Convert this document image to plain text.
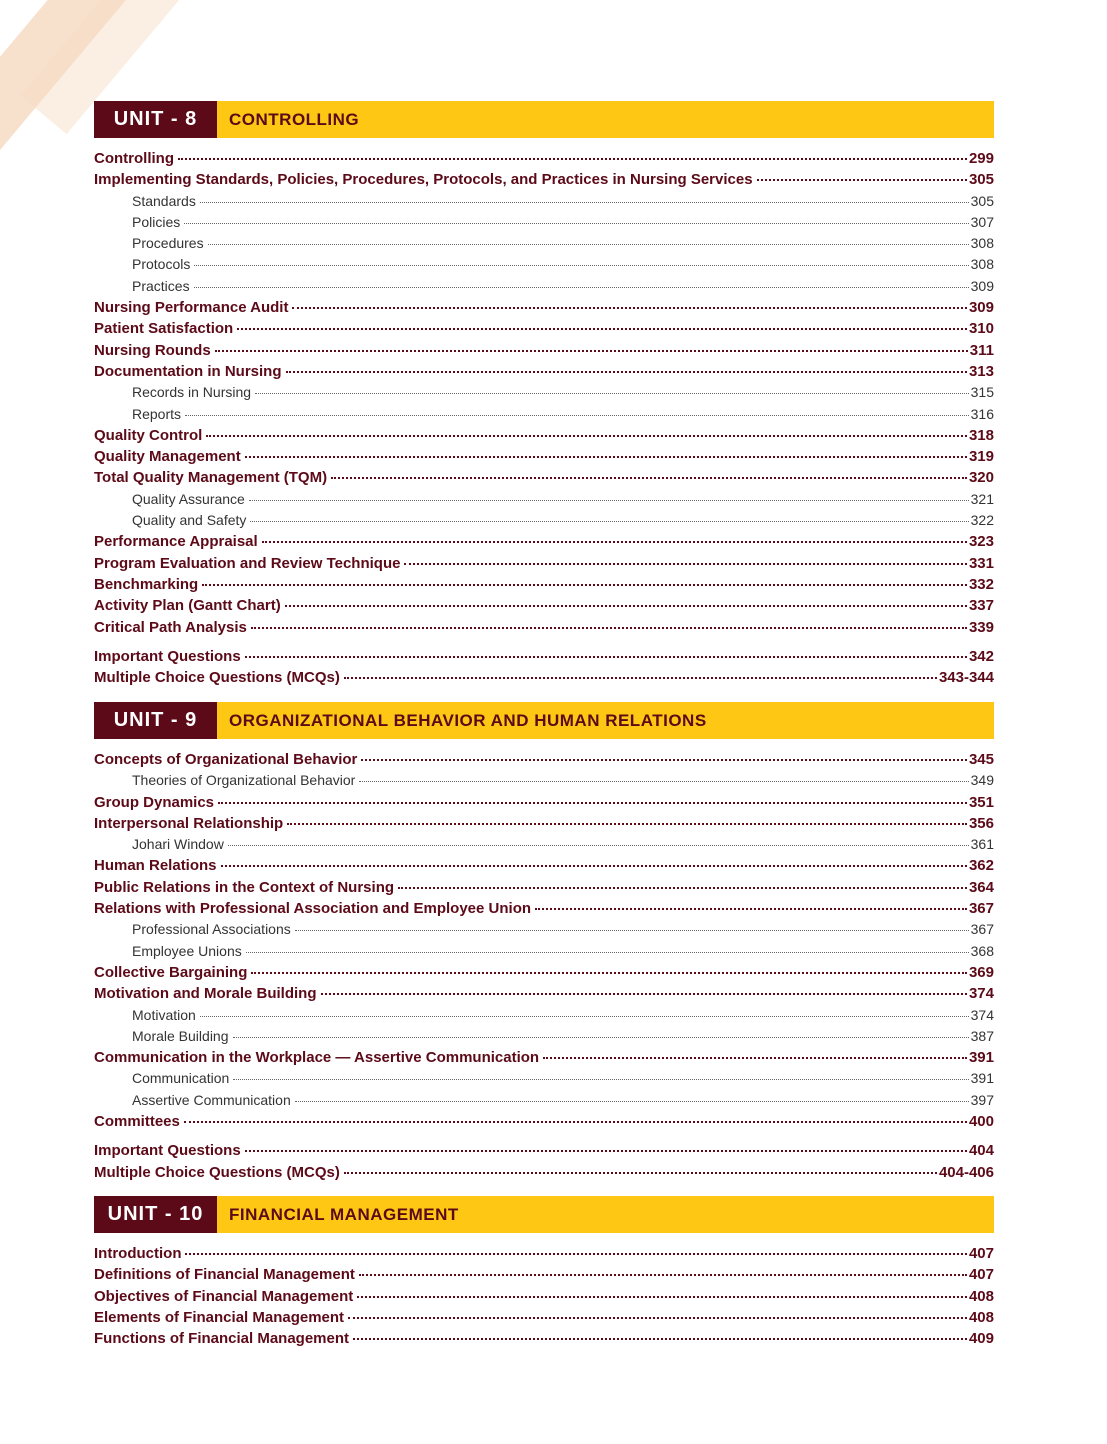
UNIT - 8	CONTROLLING
Controlling	299
Implementing Standards, Policies, Procedures, Protocols, and Practices in Nursing Services	305
Standards	305
Policies	307
Procedures	308
Protocols	308
Practices	309
Nursing Performance Audit	309
Patient Satisfaction	310
Nursing Rounds	311
Documentation in Nursing	313
Records in Nursing	315
Reports	316
Quality Control	318
Quality Management	319
Total Quality Management (TQM)	320
Quality Assurance	321
Quality and Safety	322
Performance Appraisal	323
Program Evaluation and Review Technique	331
Benchmarking	332
Activity Plan (Gantt Chart)	337
Critical Path Analysis	339
Important Questions	342
Multiple Choice Questions (MCQs)	343-344
UNIT - 9	ORGANIZATIONAL BEHAVIOR AND HUMAN RELATIONS
Concepts of Organizational Behavior	345
Theories of Organizational Behavior	349
Group Dynamics	351
Interpersonal Relationship	356
Johari Window	361
Human Relations	362
Public Relations in the Context of Nursing	364
Relations with Professional Association and Employee Union	367
Professional Associations	367
Employee Unions	368
Collective Bargaining	369
Motivation and Morale Building	374
Motivation	374
Morale Building	387
Communication in the Workplace — Assertive Communication	391
Communication	391
Assertive Communication	397
Committees	400
Important Questions	404
Multiple Choice Questions (MCQs)	404-406
UNIT - 10	FINANCIAL MANAGEMENT
Introduction	407
Definitions of Financial Management	407
Objectives of Financial Management	408
Elements of Financial Management	408
Functions of Financial Management	409
